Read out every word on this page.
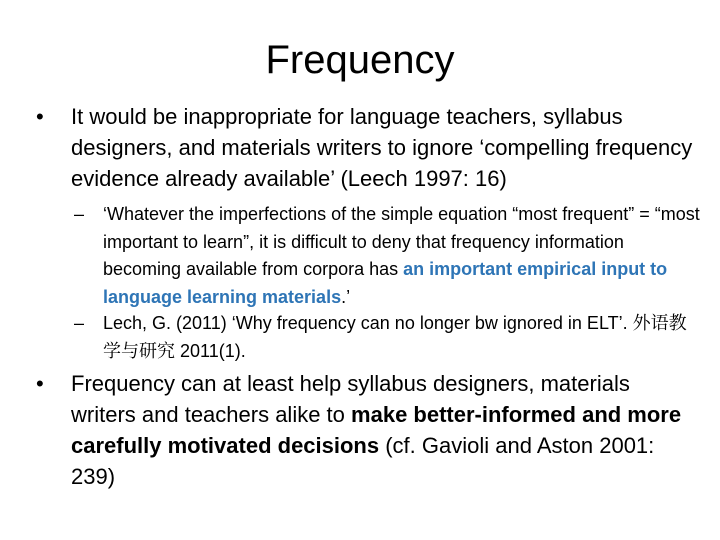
Frequency
•	It would be inappropriate for language teachers, syllabus designers, and materials writers to ignore ‘compelling frequency evidence already available’ (Leech 1997: 16)
–	‘Whatever the imperfections of the simple equation “most frequent” = “most important to learn”, it is difficult to deny that frequency information becoming available from corpora has an important empirical input to language learning materials.’
–	Lech, G. (2011) ‘Why frequency can no longer bw ignored in ELT’. 外语教学与研究 2011(1).
•	Frequency can at least help syllabus designers, materials writers and teachers alike to make better-informed and more carefully motivated decisions (cf. Gavioli and Aston 2001: 239)
